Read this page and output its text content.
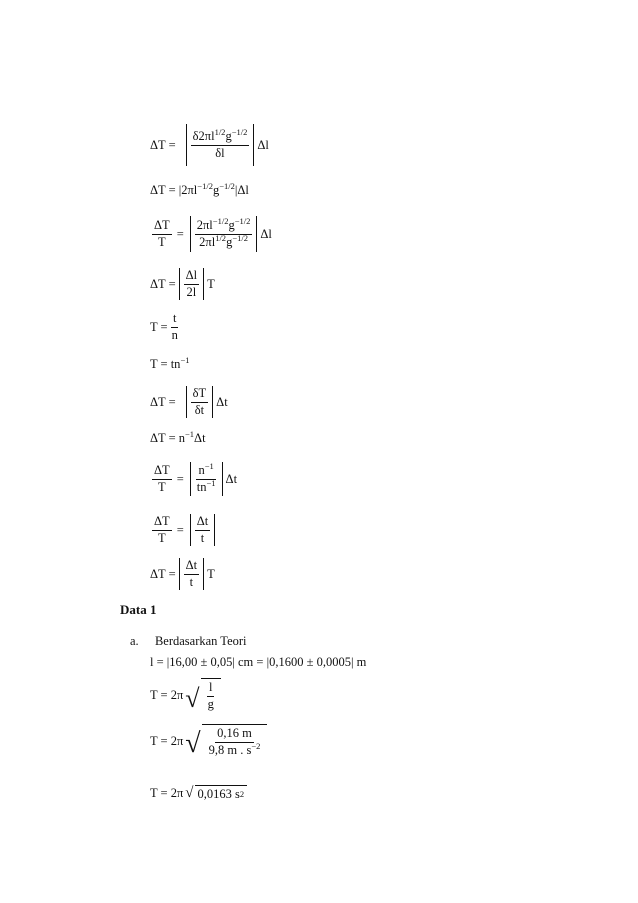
$\Delta T = \frac{\delta 2\pi l^{1/2}g^{-1/2}}{\delta l}$ Δl
$\Delta T = |2\pi l^{-1/2}g^{-1/2}|\Delta l$
$\frac{\Delta T}{T} = \frac{2\pi l^{-1/2}g^{-1/2}}{2\pi l^{1/2}g^{-1/2}}$ Δl
$\Delta T = \frac{\Delta l}{2l}$ T
$T = \frac{t}{n}$
$T = tn^{-1}$
$\Delta T = \frac{\delta T}{\delta t}$ Δt
$\Delta T = n^{-1}\Delta t$
$\frac{\Delta T}{T} = \frac{n^{-1}}{tn^{-1}}$ Δt
$\frac{\Delta T}{T} = \frac{\Delta t}{t}$
$\Delta T = \frac{\Delta t}{t}$ T
Data 1
a. Berdasarkan Teori
l = |16,00 ± 0,05| cm = |0,1600 ± 0,0005| m
T = 2π √ $\frac{l}{g}$
T = 2π √ $\frac{0,16 m}{9,8 m . s^{-2}}$
T = 2π √ 0,0163 s 2
